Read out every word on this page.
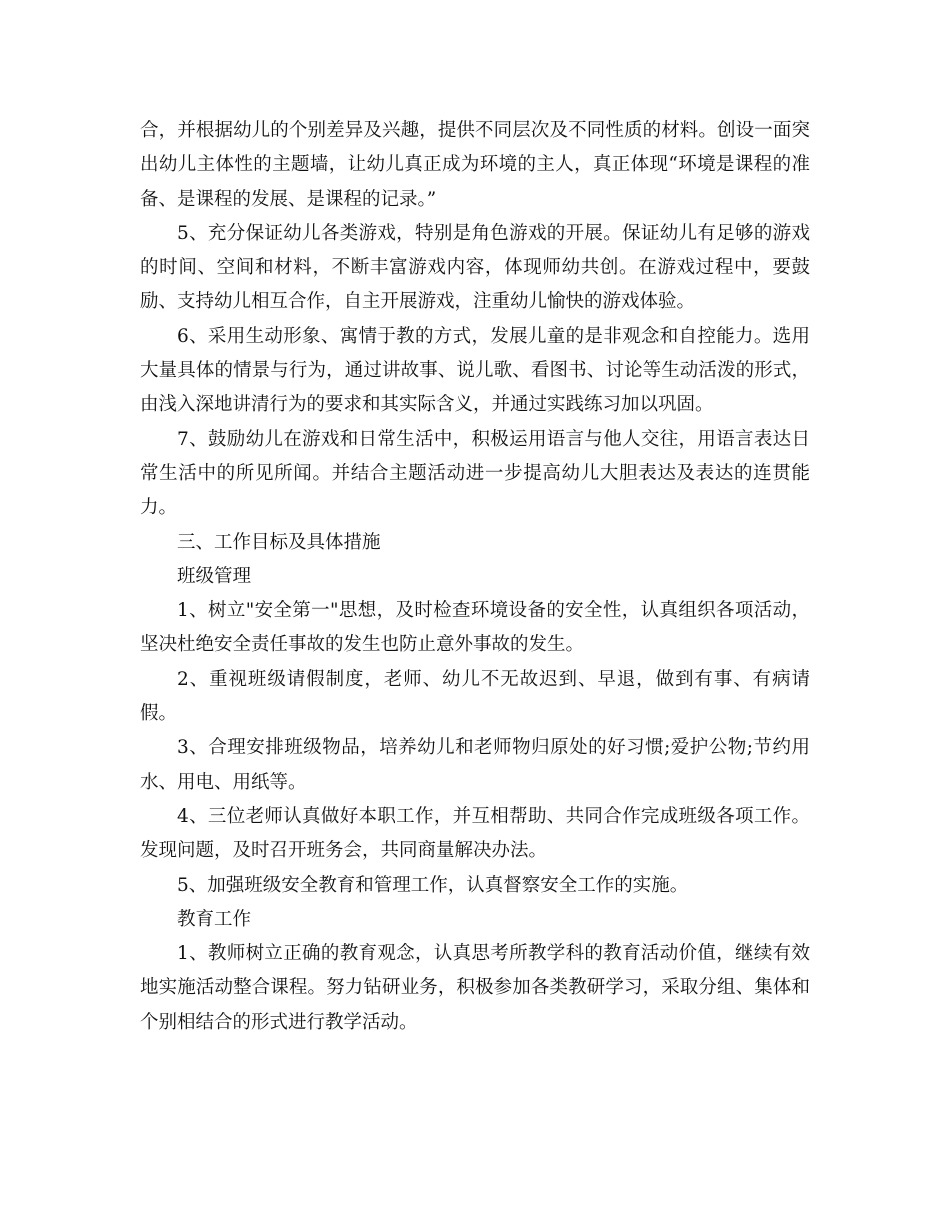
合，并根据幼儿的个别差异及兴趣，提供不同层次及不同性质的材料。创设一面突出幼儿主体性的主题墙，让幼儿真正成为环境的主人，真正体现“环境是课程的准备、是课程的发展、是课程的记录。”

5、充分保证幼儿各类游戏，特别是角色游戏的开展。保证幼儿有足够的游戏的时间、空间和材料，不断丰富游戏内容，体现师幼共创。在游戏过程中，要鼓励、支持幼儿相互合作，自主开展游戏，注重幼儿愉快的游戏体验。

6、采用生动形象、寓情于教的方式，发展儿童的是非观念和自控能力。选用大量具体的情景与行为，通过讲故事、说儿歌、看图书、讨论等生动活泼的形式，由浅入深地讲清行为的要求和其实际含义，并通过实践练习加以巩固。

7、鼓励幼儿在游戏和日常生活中，积极运用语言与他人交往，用语言表达日常生活中的所见所闻。并结合主题活动进一步提高幼儿大胆表达及表达的连贯能力。

三、工作目标及具体措施

班级管理

1、树立"安全第一"思想，及时检查环境设备的安全性，认真组织各项活动，坚决杜绝安全责任事故的发生也防止意外事故的发生。

2、重视班级请假制度，老师、幼儿不无故迟到、早退，做到有事、有病请假。

3、合理安排班级物品，培养幼儿和老师物归原处的好习惯;爱护公物;节约用水、用电、用纸等。

4、三位老师认真做好本职工作，并互相帮助、共同合作完成班级各项工作。发现问题，及时召开班务会，共同商量解决办法。

5、加强班级安全教育和管理工作，认真督察安全工作的实施。

教育工作

1、教师树立正确的教育观念，认真思考所教学科的教育活动价值，继续有效地实施活动整合课程。努力钻研业务，积极参加各类教研学习，采取分组、集体和个别相结合的形式进行教学活动。
